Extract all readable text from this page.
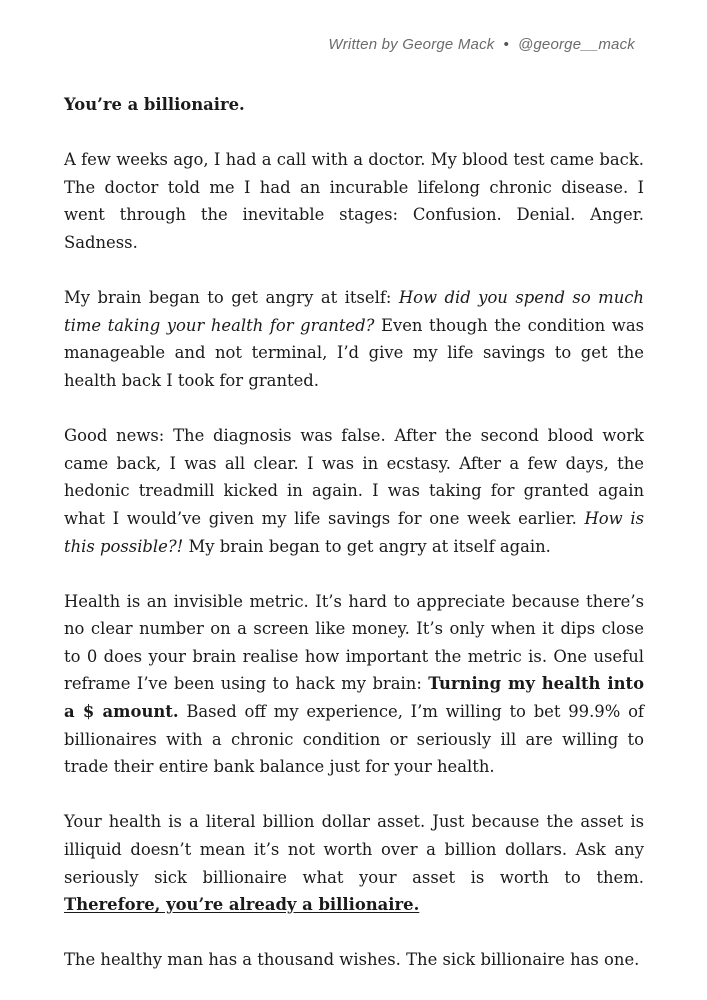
Written by George Mack • @george__mack
You’re a billionaire.

A few weeks ago, I had a call with a doctor. My blood test came back. The doctor told me I had an incurable lifelong chronic disease. I went through the inevitable stages: Confusion. Denial. Anger. Sadness.

My brain began to get angry at itself: How did you spend so much time taking your health for granted? Even though the condition was manageable and not terminal, I’d give my life savings to get the health back I took for granted.

Good news: The diagnosis was false. After the second blood work came back, I was all clear. I was in ecstasy. After a few days, the hedonic treadmill kicked in again. I was taking for granted again what I would’ve given my life savings for one week earlier. How is this possible?! My brain began to get angry at itself again.

Health is an invisible metric. It’s hard to appreciate because there’s no clear number on a screen like money. It’s only when it dips close to 0 does your brain realise how important the metric is. One useful reframe I’ve been using to hack my brain: Turning my health into a $ amount. Based off my experience, I’m willing to bet 99.9% of billionaires with a chronic condition or seriously ill are willing to trade their entire bank balance just for your health.

Your health is a literal billion dollar asset. Just because the asset is illiquid doesn’t mean it’s not worth over a billion dollars. Ask any seriously sick billionaire what your asset is worth to them. Therefore, you’re already a billionaire.

The healthy man has a thousand wishes. The sick billionaire has one.
